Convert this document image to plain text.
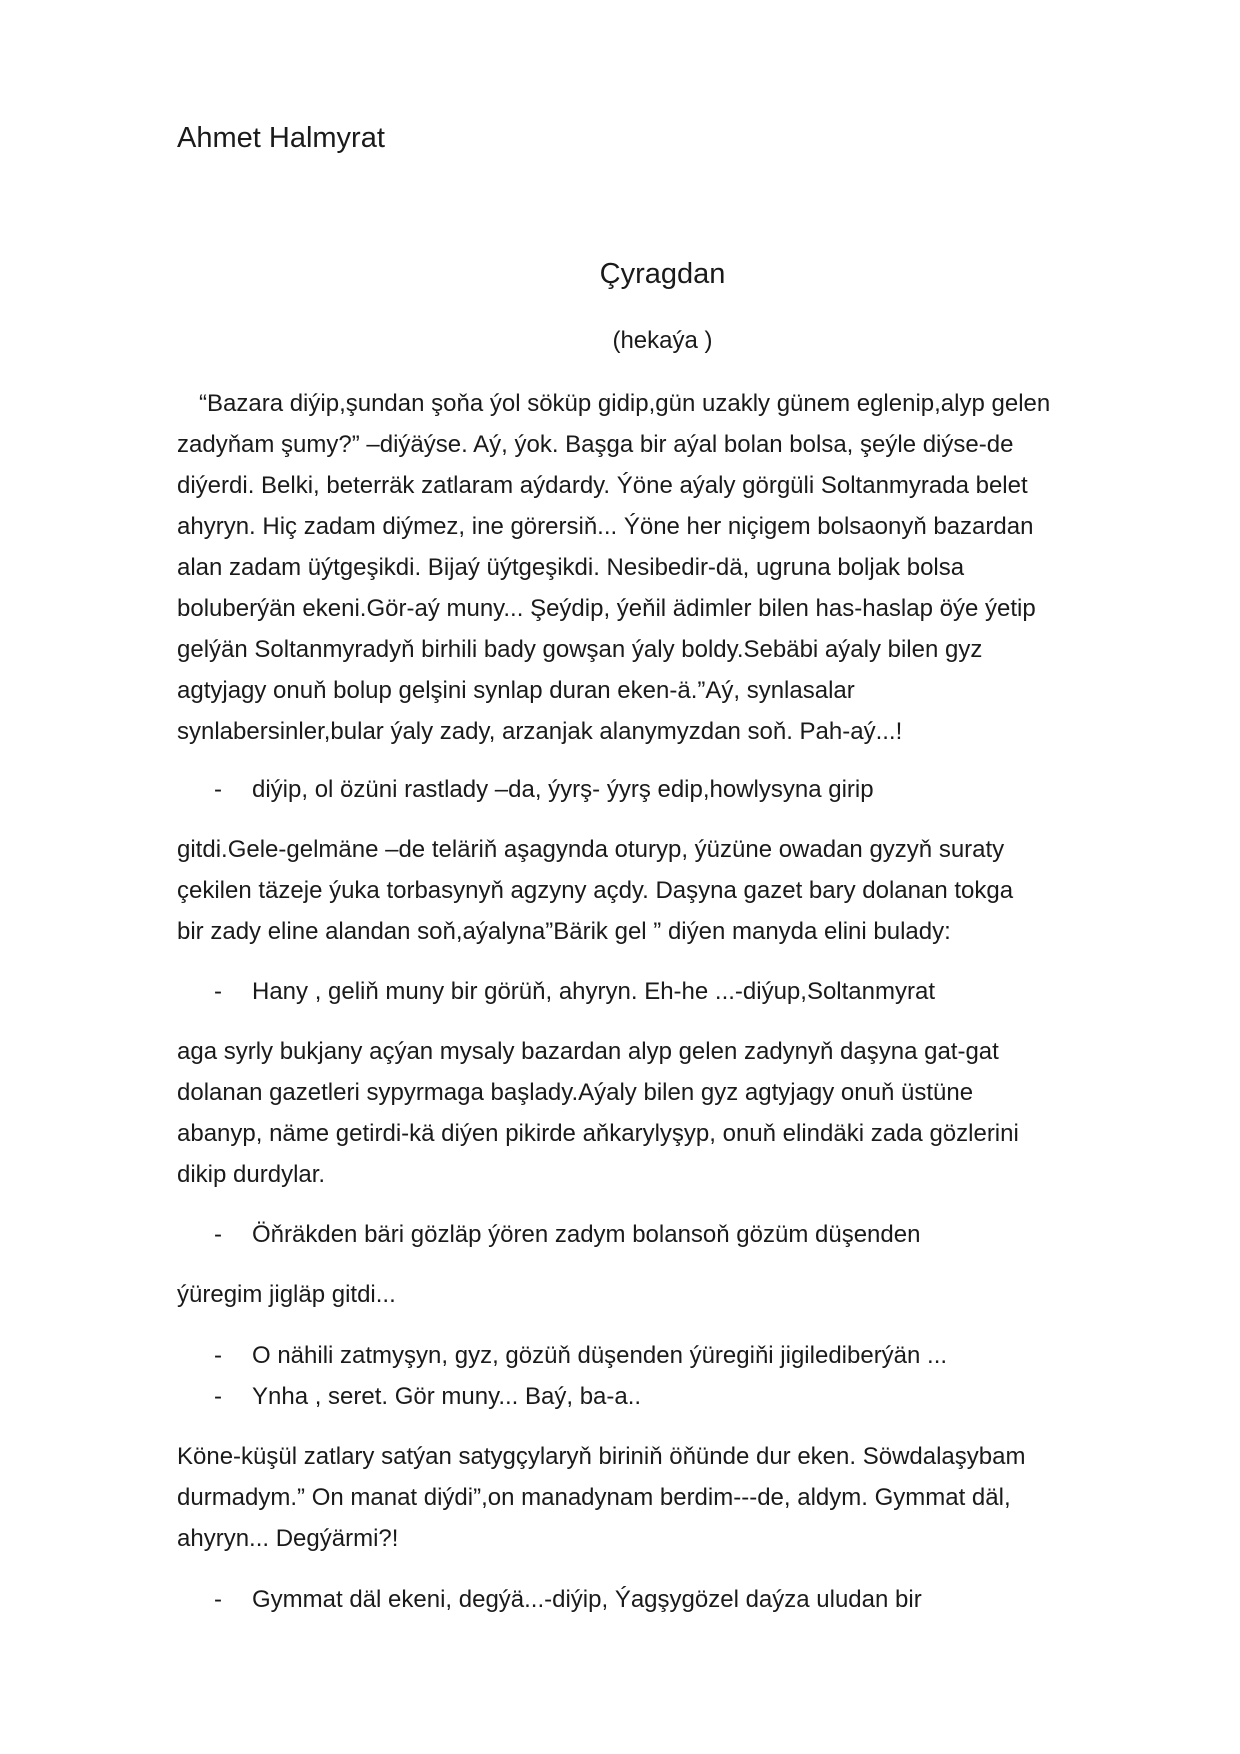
Ahmet Halmyrat
Çyragdan
(hekaýa )
“Bazara diýip,şundan şoňa ýol söküp gidip,gün uzakly günem eglenip,alyp gelen
zadyňam şumy?” –diýäýse. Aý, ýok. Başga bir aýal bolan bolsa, şeýle diýse-de
diýerdi. Belki, beterräk zatlaram aýdardy. Ýöne aýaly görgüli Soltanmyrada belet
ahyryn. Hiç zadam diýmez, ine görersiň... Ýöne her niçigem bolsaonyň bazardan
alan zadam üýtgeşikdi. Bijaý üýtgeşikdi. Nesibedir-dä, ugruna boljak bolsa
boluberýän ekeni.Gör-aý muny... Şeýdip, ýeňil ädimler bilen has-haslap öýe ýetip
gelýän Soltanmyradyň birhili bady gowşan ýaly boldy.Sebäbi aýaly bilen gyz
agtyjagy onuň bolup gelşini synlap duran eken-ä.”Aý, synlasalar
synlabersinler,bular ýaly zady, arzanjak alanymyzdan soň. Pah-aý...!
- diýip, ol özüni rastlady –da, ýyrş- ýyrş edip,howlysyna girip
gitdi.Gele-gelmäne –de teläriň aşagynda oturyp, ýüzüne owadan gyzyň suraty
çekilen täzeje ýuka torbasynyň agzyny açdy. Daşyna gazet bary dolanan tokga
bir zady eline alandan soň,aýalyna”Bärik gel ” diýen manyda elini bulady:
- Hany , geliň muny bir görüň, ahyryn. Eh-he ...-diýup,Soltanmyrat
aga syrly bukjany açýan mysaly bazardan alyp gelen zadynyň daşyna gat-gat
dolanan gazetleri sypyrmaga başlady.Aýaly bilen gyz agtyjagy onuň üstüne
abanyp, näme getirdi-kä diýen pikirde aňkarylyşyp, onuň elindäki zada gözlerini
dikip durdylar.
- Öňräkden bäri gözläp ýören zadym bolansoň gözüm düşenden
ýüregim jigläp gitdi...
- O nähili zatmyşyn, gyz, gözüň düşenden ýüregiňi jigilediberýän ...
- Ynha , seret. Gör muny... Baý, ba-a..
Köne-küşül zatlary satýan satygçylaryň biriniň öňünde dur eken. Söwdalaşybam
durmadym.” On manat diýdi”,on manadynam berdim---de, aldym. Gymmat däl,
ahyryn... Degýärmi?!
- Gymmat däl ekeni, degýä...-diýip, Ýagşygözel daýza uludan bir
